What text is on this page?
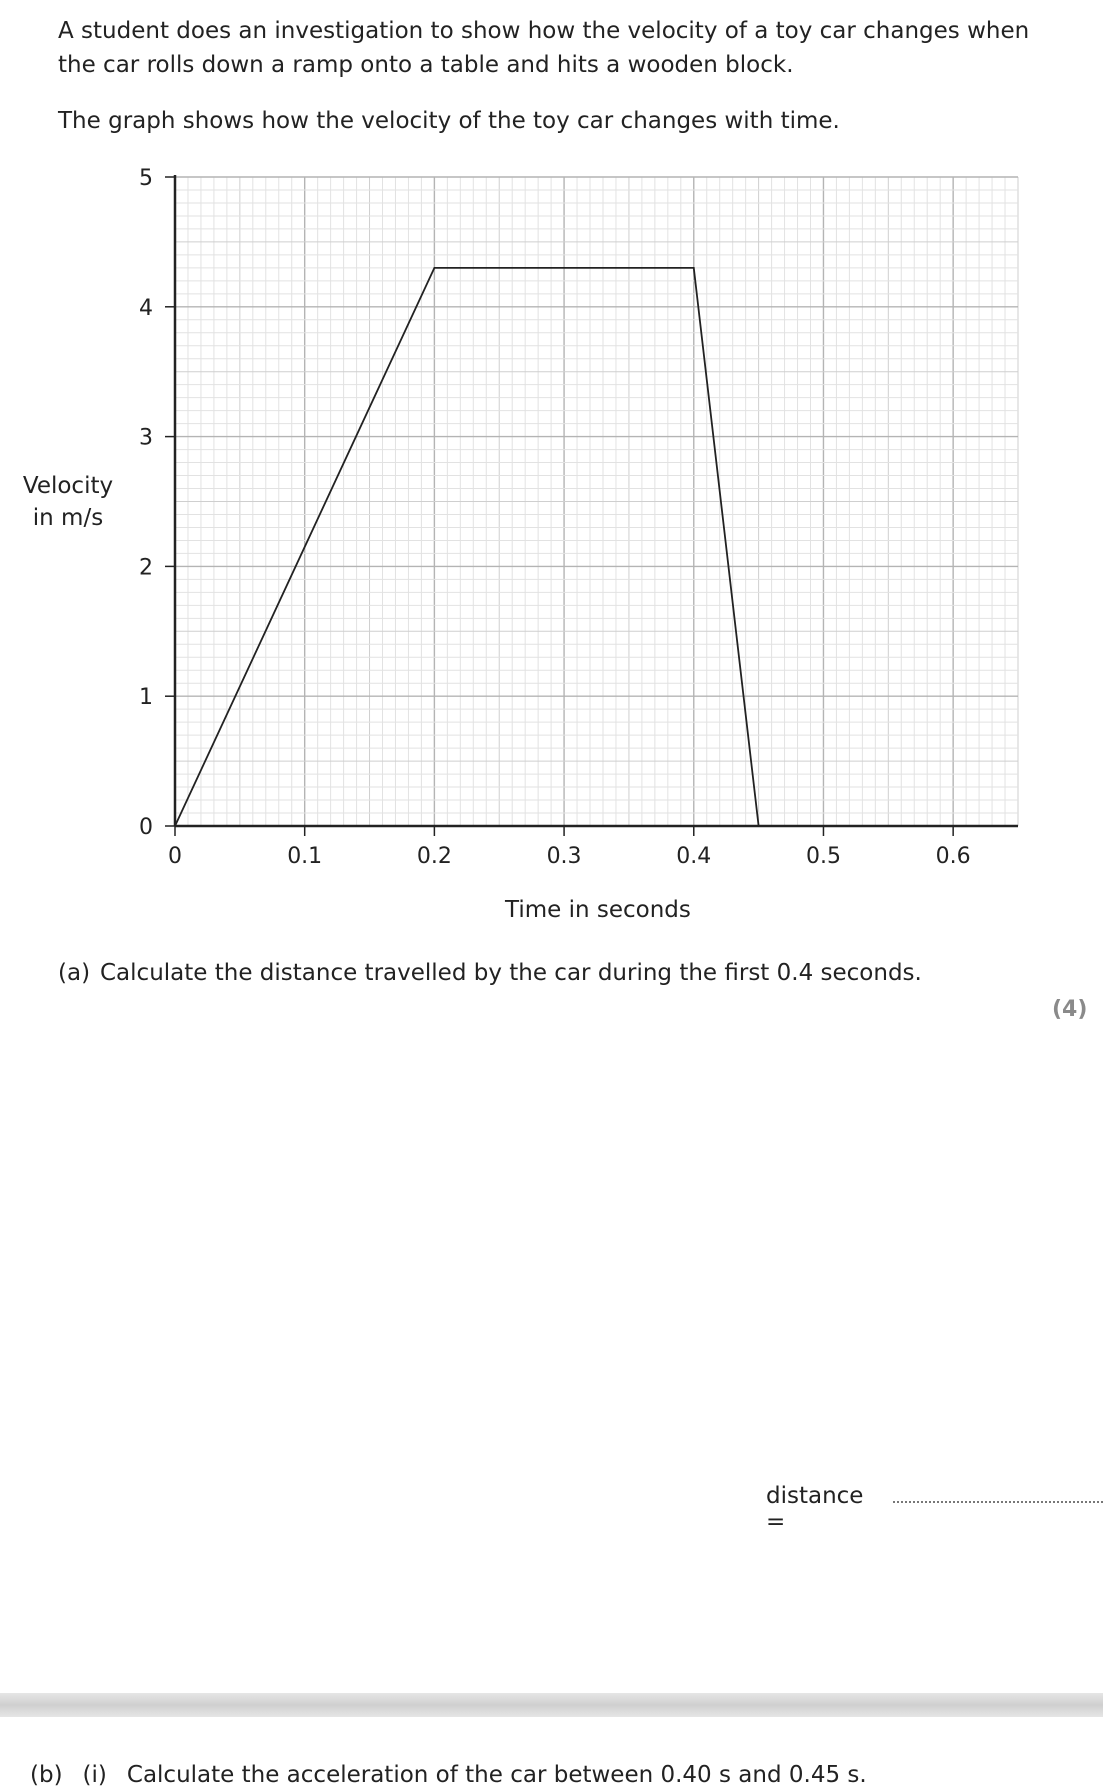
A student does an investigation to show how the velocity of a toy car changes when
the car rolls down a ramp onto a table and hits a wooden block.

The graph shows how the velocity of the toy car changes with time.

0
1
2
3
4
5
0	0.1	0.2	0.3	0.4	0.5	0.6
Velocity
in m/s
Time in seconds
(a) Calculate the distance travelled by the car during the first 0.4 seconds.
(4)
distance =
(b) (i) Calculate the acceleration of the car between 0.40 s and 0.45 s.
